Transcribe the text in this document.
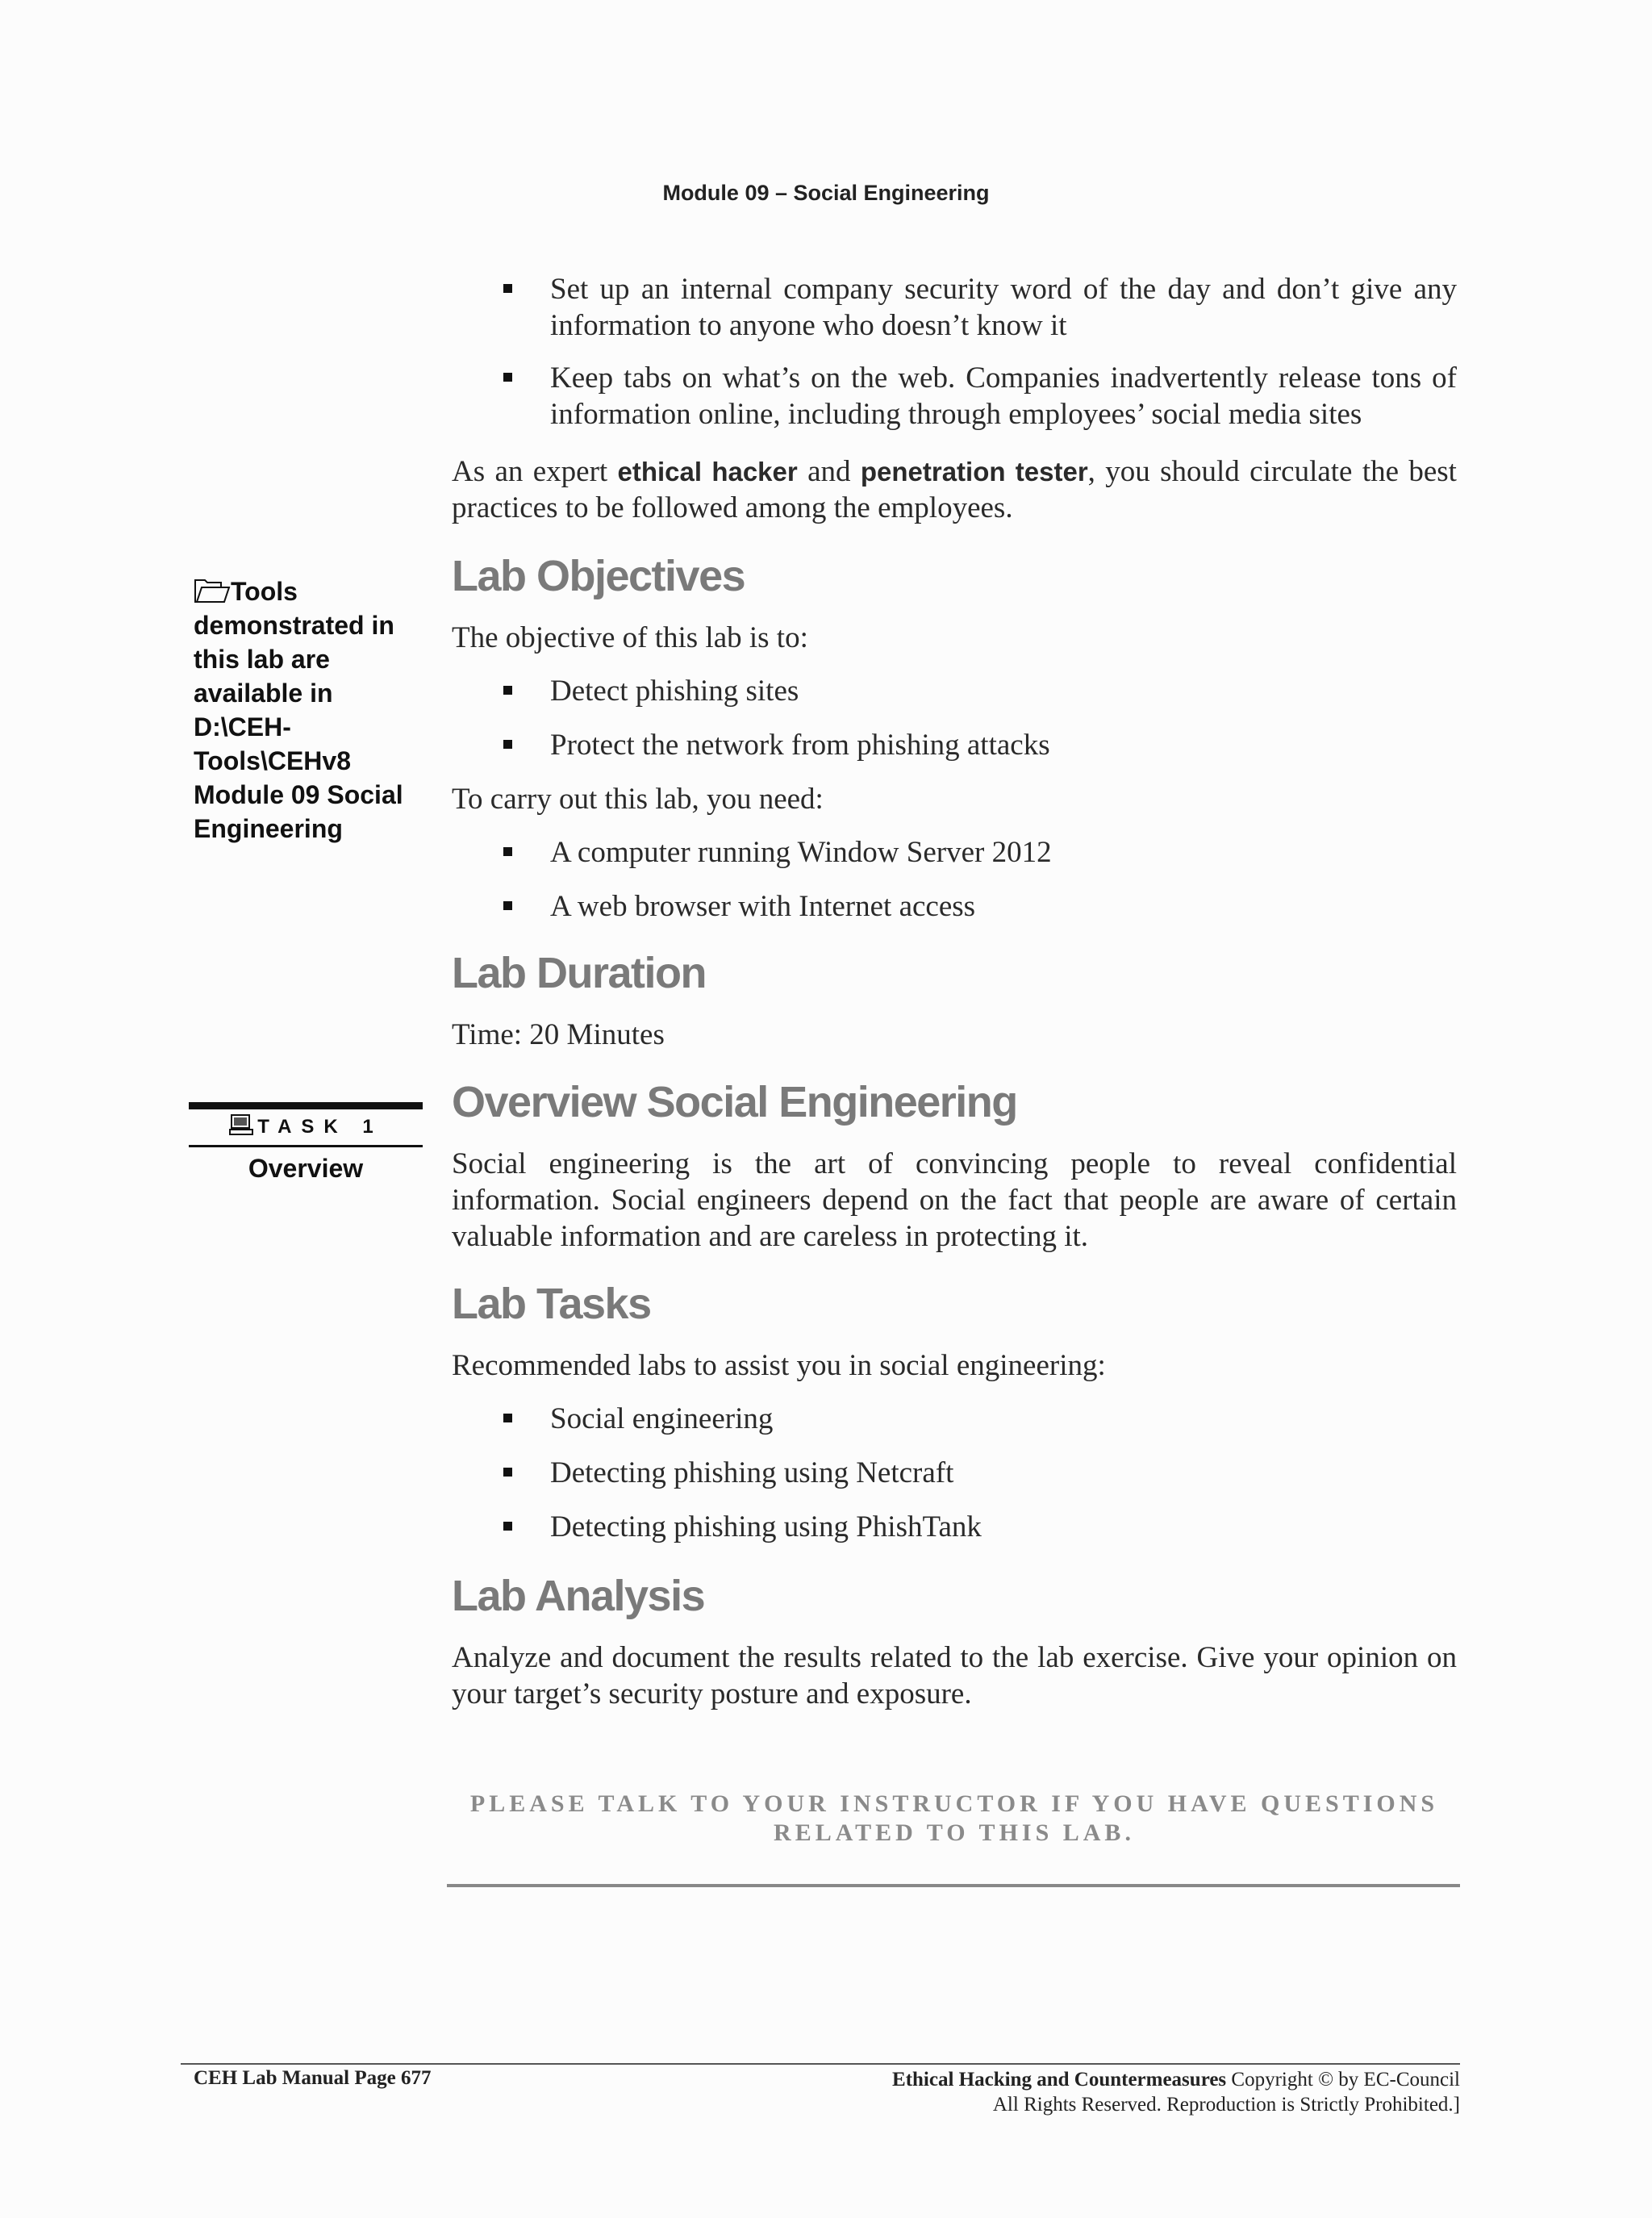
Module 09 – Social Engineering
Set up an internal company security word of the day and don’t give any information to anyone who doesn’t know it
Keep tabs on what’s on the web. Companies inadvertently release tons of information online, including through employees’ social media sites

As an expert ethical hacker and penetration tester, you should circulate the best practices to be followed among the employees.

Tools demonstrated in this lab are available in D:\CEH-Tools\CEHv8 Module 09 Social Engineering
Lab Objectives

The objective of this lab is to:

Detect phishing sites
Protect the network from phishing attacks

To carry out this lab, you need:

A computer running Window Server 2012
A web browser with Internet access
Lab Duration

Time: 20 Minutes

TASK 1
Overview
Overview Social Engineering

Social engineering is the art of convincing people to reveal confidential information. Social engineers depend on the fact that people are aware of certain valuable information and are careless in protecting it.

Lab Tasks

Recommended labs to assist you in social engineering:

Social engineering
Detecting phishing using Netcraft
Detecting phishing using PhishTank
Lab Analysis

Analyze and document the results related to the lab exercise. Give your opinion on your target’s security posture and exposure.

PLEASE TALK TO YOUR INSTRUCTOR IF YOU HAVE QUESTIONS RELATED TO THIS LAB.
CEH Lab Manual Page 677	Ethical Hacking and Countermeasures Copyright © by EC-Council
All Rights Reserved. Reproduction is Strictly Prohibited.]
